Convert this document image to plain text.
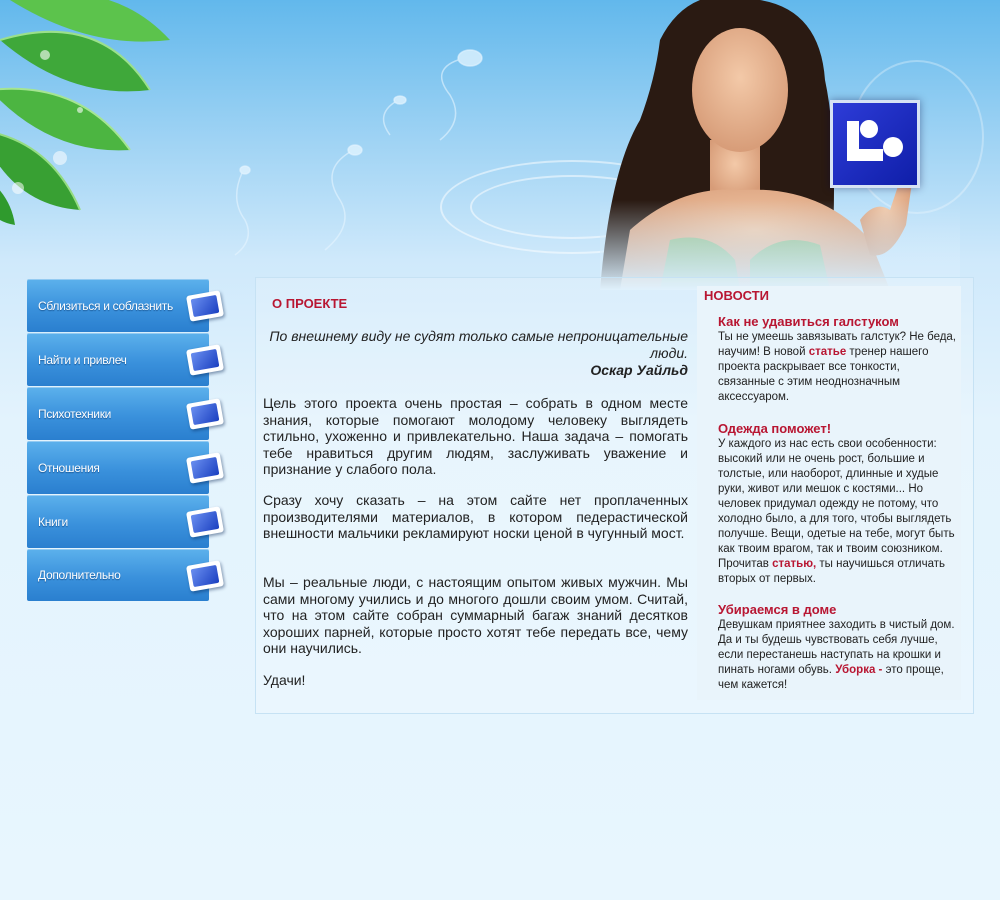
Сблизиться и соблазнить
Найти и привлеч
Психотехники
Отношения
Книги
Дополнительно
О ПРОЕКТЕ
По внешнему виду не судят только самые непроницательные люди.
Оскар Уайльд

Цель этого проекта очень простая – собрать в одном месте знания, которые помогают молодому человеку выглядеть стильно, ухоженно и привлекательно. Наша задача – помогать тебе нравиться другим людям, заслуживать уважение и признание у слабого пола.

Сразу хочу сказать – на этом сайте нет проплаченных производителями материалов, в котором педерастической внешности мальчики рекламируют носки ценой в чугунный мост.

Мы – реальные люди, с настоящим опытом живых мужчин. Мы сами многому учились и до многого дошли своим умом. Считай, что на этом сайте собран суммарный багаж знаний десятков хороших парней, которые просто хотят тебе передать все, чему они научились.

Удачи!

НОВОСТИ
Как не удавиться галстуком
Ты не умеешь завязывать галстук? Не беда, научим! В новой статье тренер нашего проекта раскрывает все тонкости, связанные с этим неоднозначным аксессуаром.
Одежда поможет!
У каждого из нас есть свои особенности: высокий или не очень рост, большие и толстые, или наоборот, длинные и худые руки, живот или мешок с костями... Но человек придумал одежду не потому, что холодно было, а для того, чтобы выглядеть получше. Вещи, одетые на тебе, могут быть как твоим врагом, так и твоим союзником. Прочитав статью, ты научишься отличать вторых от первых.
Убираемся в доме
Девушкам приятнее заходить в чистый дом. Да и ты будешь чувствовать себя лучше, если перестанешь наступать на крошки и пинать ногами обувь. Уборка - это проще, чем кажется!
